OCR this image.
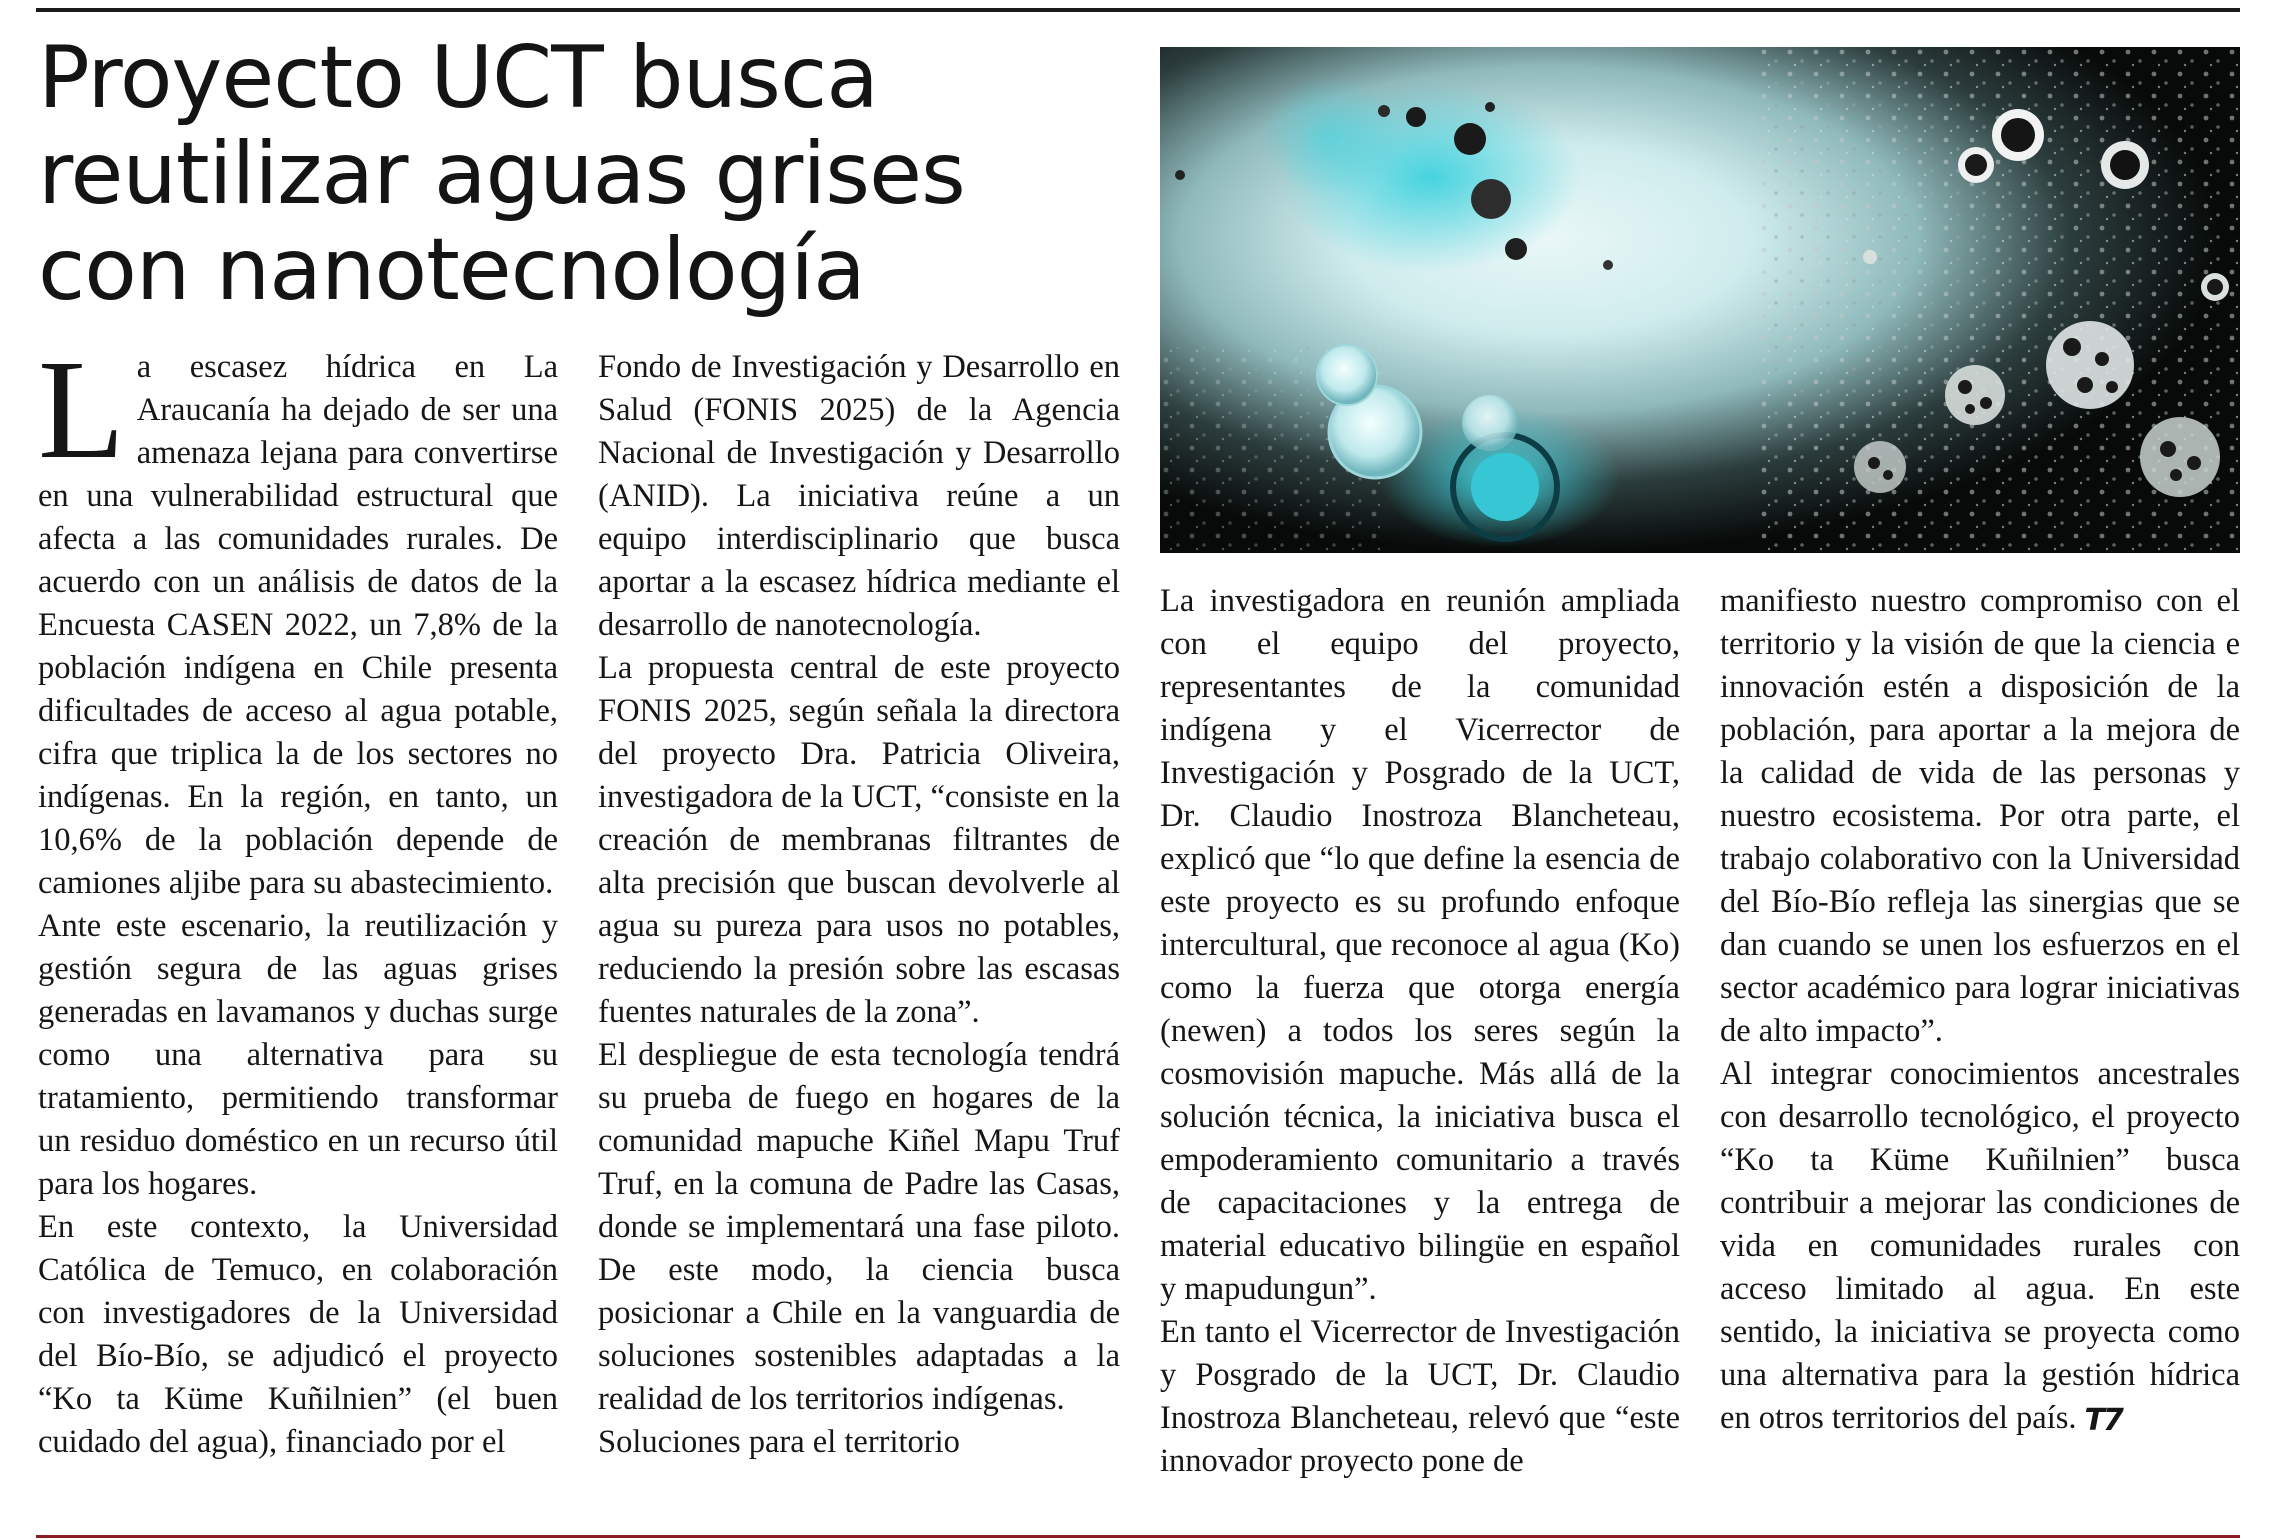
Proyecto UCT busca reutilizar aguas grises con nanotecnología
L a escasez hídrica en La Araucanía ha dejado de ser una amenaza lejana para convertirse en una vulnerabilidad estructural que afecta a las comunidades rurales. De acuerdo con un análisis de datos de la Encuesta CASEN 2022, un 7,8% de la población indígena en Chile presenta dificultades de acceso al agua potable, cifra que triplica la de los sectores no indígenas. En la región, en tanto, un 10,6% de la población depende de camiones aljibe para su abastecimiento.

Ante este escenario, la reutilización y gestión segura de las aguas grises generadas en lavamanos y duchas surge como una alternativa para su tratamiento, permitiendo transformar un residuo doméstico en un recurso útil para los hogares.

En este contexto, la Universidad Católica de Temuco, en colaboración con investigadores de la Universidad del Bío-Bío, se adjudicó el proyecto “Ko ta Küme Kuñilnien” (el buen cuidado del agua), financiado por el

Fondo de Investigación y Desarrollo en Salud (FONIS 2025) de la Agencia Nacional de Investigación y Desarrollo (ANID). La iniciativa reúne a un equipo interdisciplinario que busca aportar a la escasez hídrica mediante el desarrollo de nanotecnología.

La propuesta central de este proyecto FONIS 2025, según señala la directora del proyecto Dra. Patricia Oliveira, investigadora de la UCT, “consiste en la creación de membranas filtrantes de alta precisión que buscan devolverle al agua su pureza para usos no potables, reduciendo la presión sobre las escasas fuentes naturales de la zona”.

El despliegue de esta tecnología tendrá su prueba de fuego en hogares de la comunidad mapuche Kiñel Mapu Truf Truf, en la comuna de Padre las Casas, donde se implementará una fase piloto. De este modo, la ciencia busca posicionar a Chile en la vanguardia de soluciones sostenibles adaptadas a la realidad de los territorios indígenas.

Soluciones para el territorio

La investigadora en reunión ampliada con el equipo del proyecto, representantes de la comunidad indígena y el Vicerrector de Investigación y Posgrado de la UCT, Dr. Claudio Inostroza Blancheteau, explicó que “lo que define la esencia de este proyecto es su profundo enfoque intercultural, que reconoce al agua (Ko) como la fuerza que otorga energía (newen) a todos los seres según la cosmovisión mapuche. Más allá de la solución técnica, la iniciativa busca el empoderamiento comunitario a través de capacitaciones y la entrega de material educativo bilingüe en español y mapudungun”.

En tanto el Vicerrector de Investigación y Posgrado de la UCT, Dr. Claudio Inostroza Blancheteau, relevó que “este innovador proyecto pone de

manifiesto nuestro compromiso con el territorio y la visión de que la ciencia e innovación estén a disposición de la población, para aportar a la mejora de la calidad de vida de las personas y nuestro ecosistema. Por otra parte, el trabajo colaborativo con la Universidad del Bío-Bío refleja las sinergias que se dan cuando se unen los esfuerzos en el sector académico para lograr iniciativas de alto impacto”.

Al integrar conocimientos ancestrales con desarrollo tecnológico, el proyecto “Ko ta Küme Kuñilnien” busca contribuir a mejorar las condiciones de vida en comunidades rurales con acceso limitado al agua. En este sentido, la iniciativa se proyecta como una alternativa para la gestión hídrica en otros territorios del país. T7
